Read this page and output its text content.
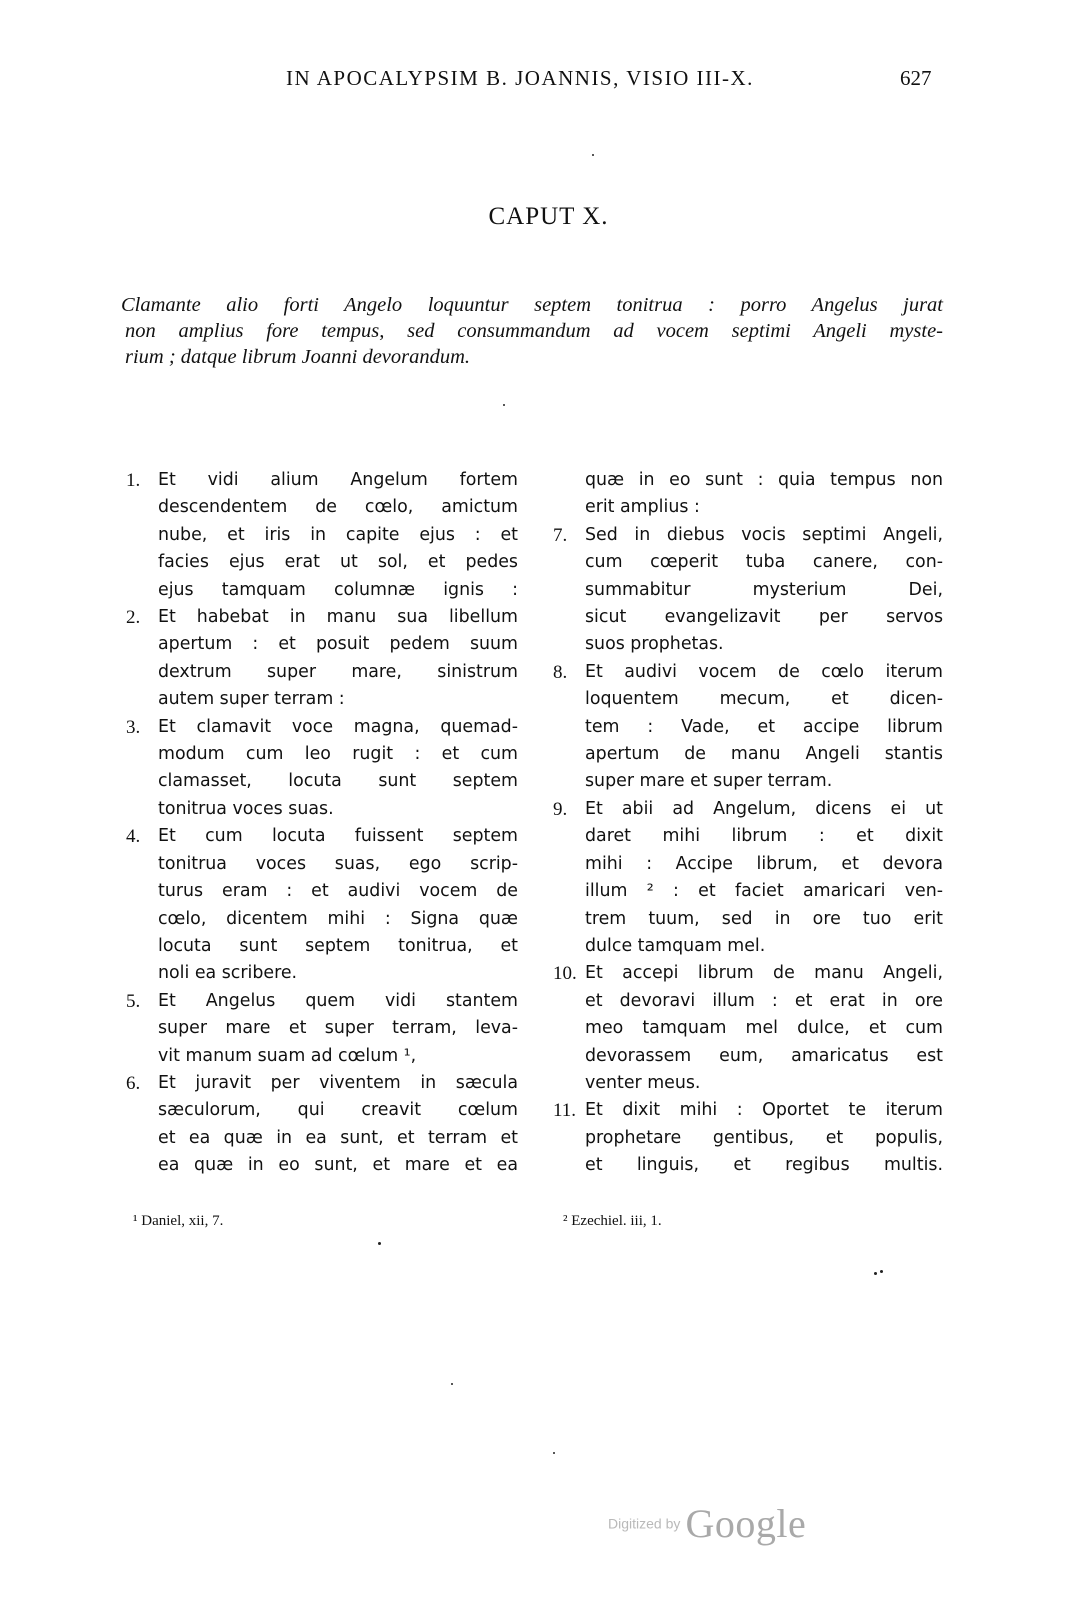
IN APOCALYPSIM B. JOANNIS, VISIO III-X.	627
CAPUT X.
Clamante alio forti Angelo loquuntur septem tonitrua : porro Angelus jurat
non amplius fore tempus, sed consummandum ad vocem septimi Angeli myste-
rium ; datque librum Joanni devorandum.
1.	Et vidi alium Angelum fortem
descendentem de cœlo, amictum
nube, et iris in capite ejus : et
facies ejus erat ut sol, et pedes
ejus tamquam columnæ ignis :
2.	Et habebat in manu sua libellum
apertum : et posuit pedem suum
dextrum super mare, sinistrum
autem super terram :
3.	Et clamavit voce magna, quemad-
modum cum leo rugit : et cum
clamasset, locuta sunt septem
tonitrua voces suas.
4.	Et cum locuta fuissent septem
tonitrua voces suas, ego scrip-
turus eram : et audivi vocem de
cœlo, dicentem mihi : Signa quæ
locuta sunt septem tonitrua, et
noli ea scribere.
5.	Et Angelus quem vidi stantem
super mare et super terram, leva-
vit manum suam ad cœlum ¹,
6.	Et juravit per viventem in sæcula
sæculorum, qui creavit cœlum
et ea quæ in ea sunt, et terram et
ea quæ in eo sunt, et mare et ea
quæ in eo sunt : quia tempus non
erit amplius :
7.	Sed in diebus vocis septimi Angeli,
cum cœperit tuba canere, con-
summabitur mysterium Dei,
sicut evangelizavit per servos
suos prophetas.
8.	Et audivi vocem de cœlo iterum
loquentem mecum, et dicen-
tem : Vade, et accipe librum
apertum de manu Angeli stantis
super mare et super terram.
9.	Et abii ad Angelum, dicens ei ut
daret mihi librum : et dixit
mihi : Accipe librum, et devora
illum ² : et faciet amaricari ven-
trem tuum, sed in ore tuo erit
dulce tamquam mel.
10. Et accepi librum de manu Angeli,
et devoravi illum : et erat in ore
meo tamquam mel dulce, et cum
devorassem eum, amaricatus est
venter meus.
11. Et dixit mihi : Oportet te iterum
prophetare gentibus, et populis,
et linguis, et regibus multis.
¹ Daniel, xii, 7.	² Ezechiel. iii, 1.
Digitized by Google
